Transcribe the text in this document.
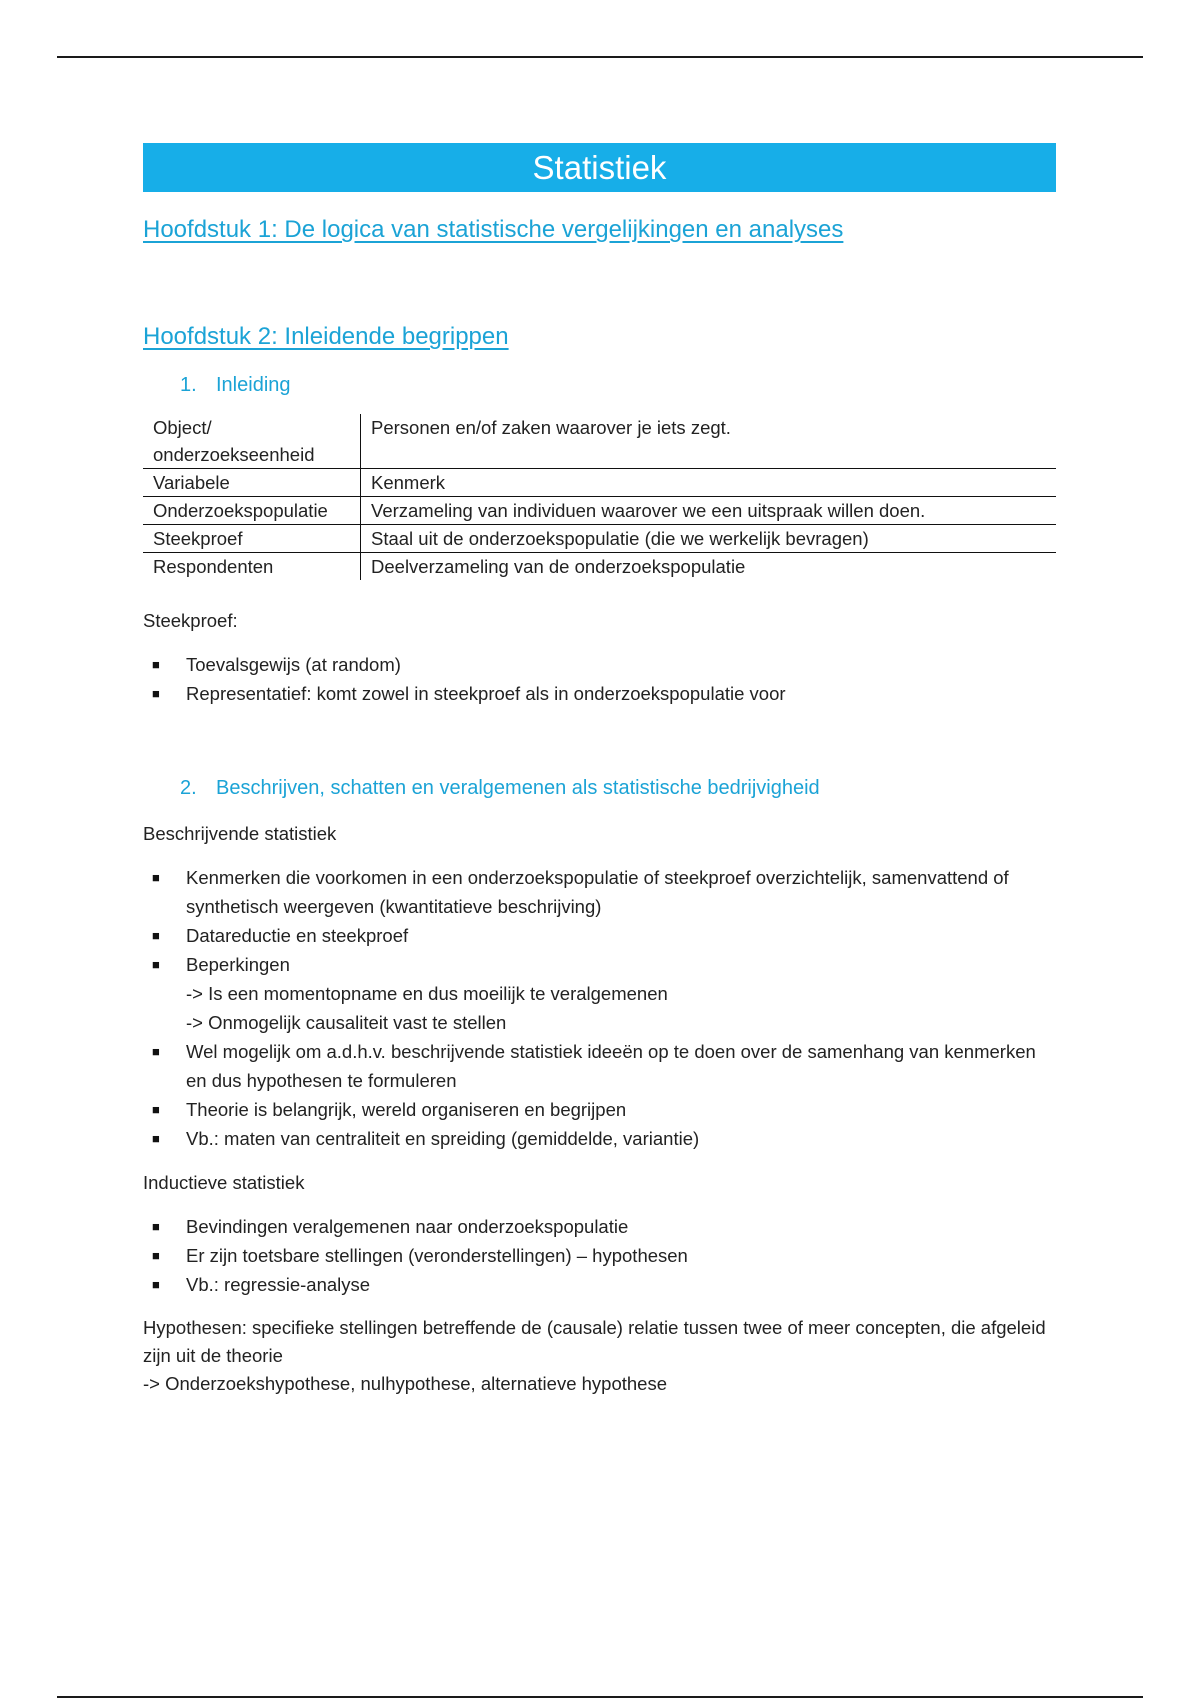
Statistiek
Hoofdstuk 1: De logica van statistische vergelijkingen en analyses
Hoofdstuk 2: Inleidende begrippen
1. Inleiding
Object/ onderzoekseenheid	Personen en/of zaken waarover je iets zegt.
Variabele	Kenmerk
Onderzoekspopulatie	Verzameling van individuen waarover we een uitspraak willen doen.
Steekproef	Staal uit de onderzoekspopulatie (die we werkelijk bevragen)
Respondenten	Deelverzameling van de onderzoekspopulatie
Steekproef:
■ Toevalsgewijs (at random)
■ Representatief: komt zowel in steekproef als in onderzoekspopulatie voor
2. Beschrijven, schatten en veralgemenen als statistische bedrijvigheid
Beschrijvende statistiek
■ Kenmerken die voorkomen in een onderzoekspopulatie of steekproef overzichtelijk, samenvattend of synthetisch weergeven (kwantitatieve beschrijving)
■ Datareductie en steekproef
■ Beperkingen
-> Is een momentopname en dus moeilijk te veralgemenen
-> Onmogelijk causaliteit vast te stellen
■ Wel mogelijk om a.d.h.v. beschrijvende statistiek ideeën op te doen over de samenhang van kenmerken en dus hypothesen te formuleren
■ Theorie is belangrijk, wereld organiseren en begrijpen
■ Vb.: maten van centraliteit en spreiding (gemiddelde, variantie)
Inductieve statistiek
■ Bevindingen veralgemenen naar onderzoekspopulatie
■ Er zijn toetsbare stellingen (veronderstellingen) – hypothesen
■ Vb.: regressie-analyse
Hypothesen: specifieke stellingen betreffende de (causale) relatie tussen twee of meer concepten, die afgeleid zijn uit de theorie
-> Onderzoekshypothese, nulhypothese, alternatieve hypothese
